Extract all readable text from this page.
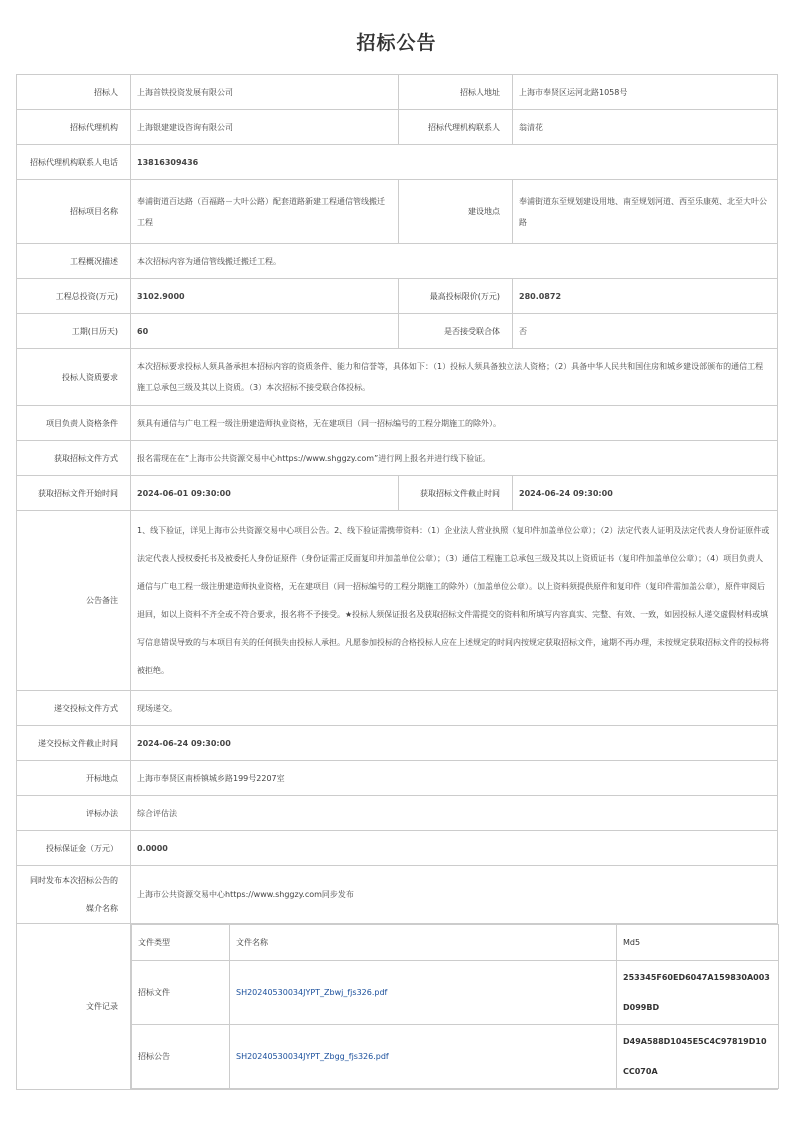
招标公告
招标人	上海首铁投资发展有限公司	招标人地址	上海市奉贤区运河北路1058号
招标代理机构	上海银建建设咨询有限公司	招标代理机构联系人	翁清花
招标代理机构联系人电话	13816309436
招标项目名称	奉浦街道百达路（百福路－大叶公路）配套道路新建工程通信管线搬迁工程	建设地点	奉浦街道东至规划建设用地、南至规划河道、西至乐康苑、北至大叶公路
工程概况描述	本次招标内容为通信管线搬迁搬迁工程。
工程总投资(万元)	3102.9000	最高投标限价(万元)	280.0872
工期(日历天)	60	是否接受联合体	否
投标人资质要求	本次招标要求投标人须具备承担本招标内容的资质条件、能力和信誉等，具体如下：（1）投标人须具备独立法人资格；（2）具备中华人民共和国住房和城乡建设部颁布的通信工程施工总承包三级及其以上资质。（3）本次招标不接受联合体投标。
项目负责人资格条件	须具有通信与广电工程一级注册建造师执业资格，无在建项目（同一招标编号的工程分期施工的除外）。
获取招标文件方式	报名需现在在“上海市公共资源交易中心https://www.shggzy.com”进行网上报名并进行线下验证。
获取招标文件开始时间	2024-06-01 09:30:00	获取招标文件截止时间	2024-06-24 09:30:00
公告备注	1、线下验证，详见上海市公共资源交易中心项目公告。2、线下验证需携带资料：（1）企业法人营业执照（复印件加盖单位公章）；（2）法定代表人证明及法定代表人身份证原件或法定代表人授权委托书及被委托人身份证原件（身份证需正反面复印并加盖单位公章）；（3）通信工程施工总承包三级及其以上资质证书（复印件加盖单位公章）；（4）项目负责人通信与广电工程一级注册建造师执业资格，无在建项目（同一招标编号的工程分期施工的除外）（加盖单位公章）。以上资料须提供原件和复印件（复印件需加盖公章），原件审阅后退回，如以上资料不齐全或不符合要求，报名将不予接受。★投标人须保证报名及获取招标文件需提交的资料和所填写内容真实、完整、有效、一致，如因投标人递交虚假材料或填写信息错误导致的与本项目有关的任何损失由投标人承担。凡愿参加投标的合格投标人应在上述规定的时间内按规定获取招标文件，逾期不再办理，未按规定获取招标文件的投标将被拒绝。
递交投标文件方式	现场递交。
递交投标文件截止时间	2024-06-24 09:30:00
开标地点	上海市奉贤区南桥镇城乡路199号2207室
评标办法	综合评估法
投标保证金（万元）	0.0000
同时发布本次招标公告的媒介名称	上海市公共资源交易中心https://www.shggzy.com同步发布
文件记录	
文件类型	文件名称	Md5
招标文件	SH20240530034JYPT_Zbwj_fjs326.pdf	253345F60ED6047A159830A003D099BD
招标公告	SH20240530034JYPT_Zbgg_fjs326.pdf	D49A588D1045E5C4C97819D10CC070A
